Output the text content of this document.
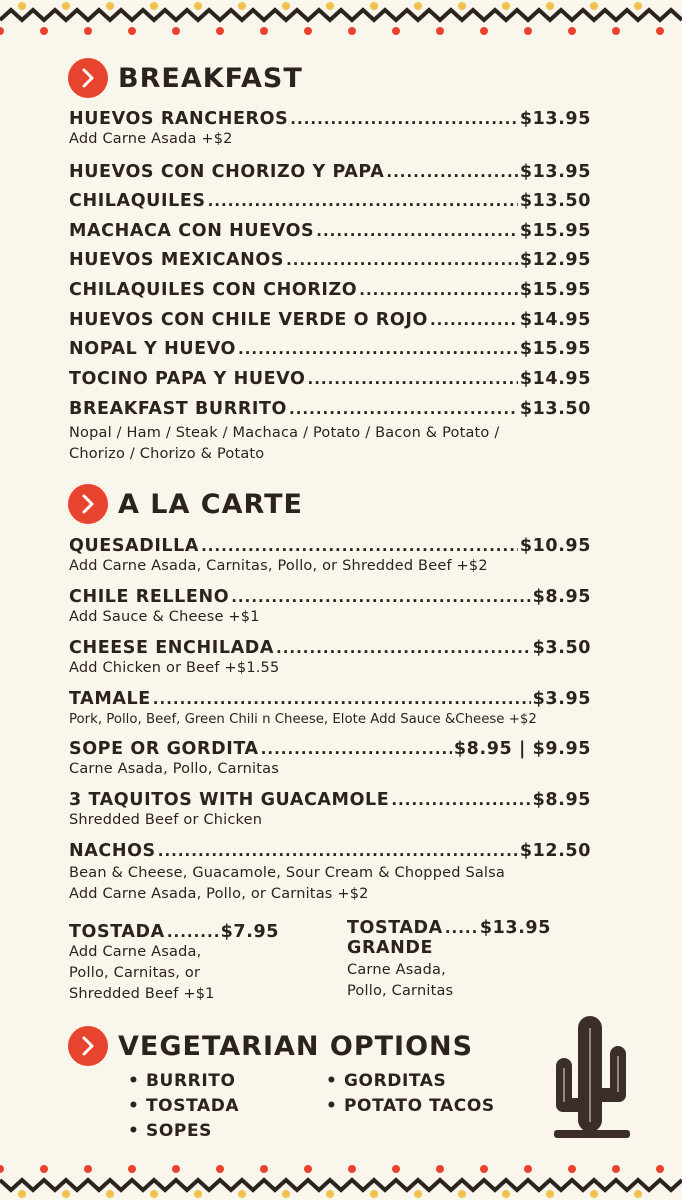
BREAKFAST
HUEVOS RANCHEROS .....	$13.95
Add Carne Asada +$2
HUEVOS CON CHORIZO Y PAPA .....	$13.95
CHILAQUILES .....	$13.50
MACHACA CON HUEVOS .....	$15.95
HUEVOS MEXICANOS .....	$12.95
CHILAQUILES CON CHORIZO .....	$15.95
HUEVOS CON CHILE VERDE O ROJO .....	$14.95
NOPAL Y HUEVO .....	$15.95
TOCINO PAPA Y HUEVO .....	$14.95
BREAKFAST BURRITO .....	$13.50
Nopal / Ham / Steak / Machaca / Potato / Bacon & Potato /
Chorizo / Chorizo & Potato
A LA CARTE
QUESADILLA .....	$10.95
Add Carne Asada, Carnitas, Pollo, or Shredded Beef +$2
CHILE RELLENO .....	$8.95
Add Sauce & Cheese +$1
CHEESE ENCHILADA .....	$3.50
Add Chicken or Beef +$1.55
TAMALE .....	$3.95
Pork, Pollo, Beef, Green Chili n Cheese, Elote Add Sauce &Cheese +$2
SOPE OR GORDITA .....	$8.95 | $9.95
Carne Asada, Pollo, Carnitas
3 TAQUITOS WITH GUACAMOLE .....	$8.95
Shredded Beef or Chicken
NACHOS .....	$12.50
Bean & Cheese, Guacamole, Sour Cream & Chopped Salsa
Add Carne Asada, Pollo, or Carnitas +$2
TOSTADA .....	$7.95
Add Carne Asada,
Pollo, Carnitas, or
Shredded Beef +$1
TOSTADA ..... $13.95
GRANDE
Carne Asada,
Pollo, Carnitas
VEGETARIAN OPTIONS
• BURRITO
• TOSTADA
• SOPES
• GORDITAS
• POTATO TACOS
